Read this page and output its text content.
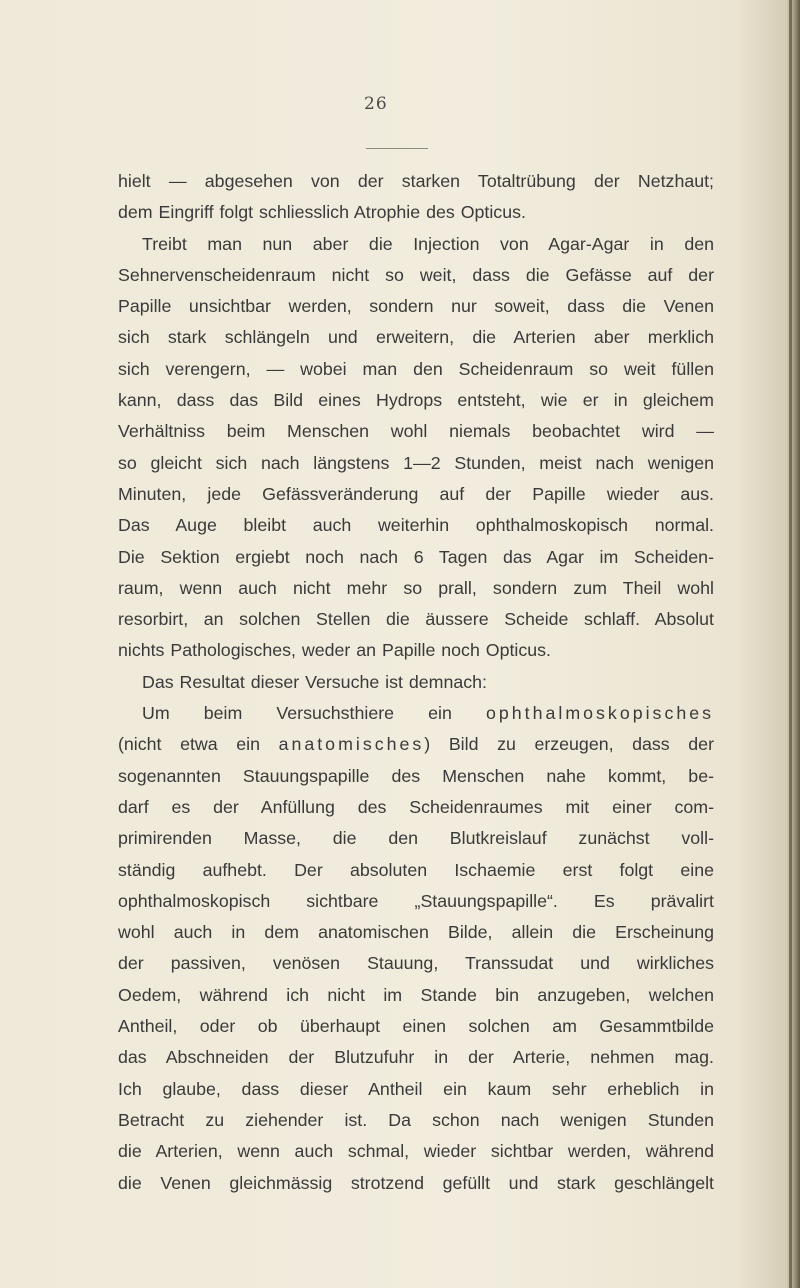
26
hielt — abgesehen von der starken Totaltrübung der Netzhaut;
dem Eingriff folgt schliesslich Atrophie des Opticus.
Treibt man nun aber die Injection von Agar-Agar in den
Sehnervenscheidenraum nicht so weit, dass die Gefässe auf der
Papille unsichtbar werden, sondern nur soweit, dass die Venen
sich stark schlängeln und erweitern, die Arterien aber merklich
sich verengern, — wobei man den Scheidenraum so weit füllen
kann, dass das Bild eines Hydrops entsteht, wie er in gleichem
Verhältniss beim Menschen wohl niemals beobachtet wird —
so gleicht sich nach längstens 1—2 Stunden, meist nach wenigen
Minuten, jede Gefässveränderung auf der Papille wieder aus.
Das Auge bleibt auch weiterhin ophthalmoskopisch normal.
Die Sektion ergiebt noch nach 6 Tagen das Agar im Scheiden-
raum, wenn auch nicht mehr so prall, sondern zum Theil wohl
resorbirt, an solchen Stellen die äussere Scheide schlaff. Absolut
nichts Pathologisches, weder an Papille noch Opticus.
Das Resultat dieser Versuche ist demnach:
Um beim Versuchsthiere ein ophthalmoskopisches
(nicht etwa ein anatomisches) Bild zu erzeugen, dass der
sogenannten Stauungspapille des Menschen nahe kommt, be-
darf es der Anfüllung des Scheidenraumes mit einer com-
primirenden Masse, die den Blutkreislauf zunächst voll-
ständig aufhebt. Der absoluten Ischaemie erst folgt eine
ophthalmoskopisch sichtbare „Stauungspapille“. Es prävalirt
wohl auch in dem anatomischen Bilde, allein die Erscheinung
der passiven, venösen Stauung, Transsudat und wirkliches
Oedem, während ich nicht im Stande bin anzugeben, welchen
Antheil, oder ob überhaupt einen solchen am Gesammtbilde
das Abschneiden der Blutzufuhr in der Arterie, nehmen mag.
Ich glaube, dass dieser Antheil ein kaum sehr erheblich in
Betracht zu ziehender ist. Da schon nach wenigen Stunden
die Arterien, wenn auch schmal, wieder sichtbar werden, während
die Venen gleichmässig strotzend gefüllt und stark geschlängelt
